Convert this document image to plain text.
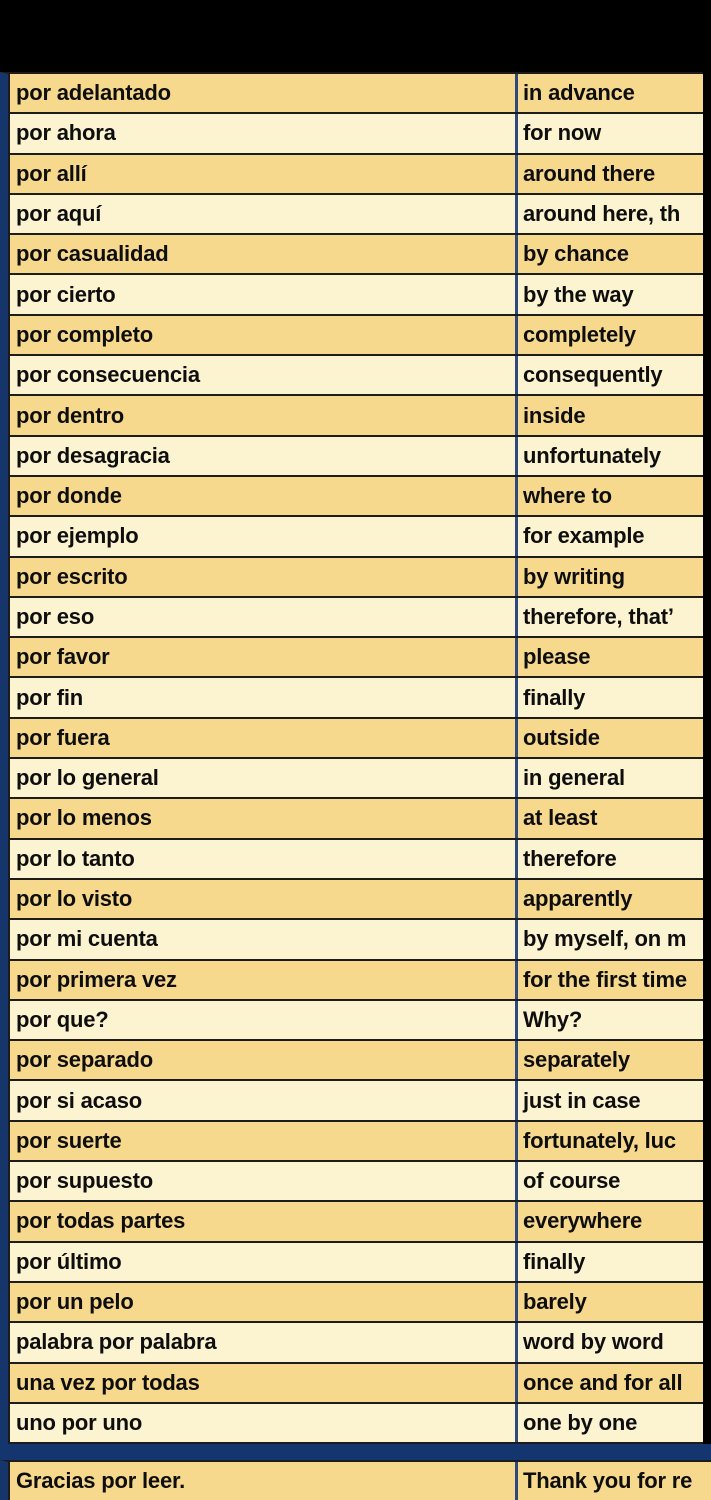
por adelantado	in advance
por ahora	for now
por allí	around there
por aquí	around here, th
por casualidad	by chance
por cierto	by the way
por completo	completely
por consecuencia	consequently
por dentro	inside
por desagracia	unfortunately
por donde	where to
por ejemplo	for example
por escrito	by writing
por eso	therefore, that’
por favor	please
por fin	finally
por fuera	outside
por lo general	in general
por lo menos	at least
por lo tanto	therefore
por lo visto	apparently
por mi cuenta	by myself, on m
por primera vez	for the first time
por que?	Why?
por separado	separately
por si acaso	just in case
por suerte	fortunately, luc
por supuesto	of course
por todas partes	everywhere
por último	finally
por un pelo	barely
palabra por palabra	word by word
una vez por todas	once and for all
uno por uno	one by one
Gracias por leer.	Thank you for re
